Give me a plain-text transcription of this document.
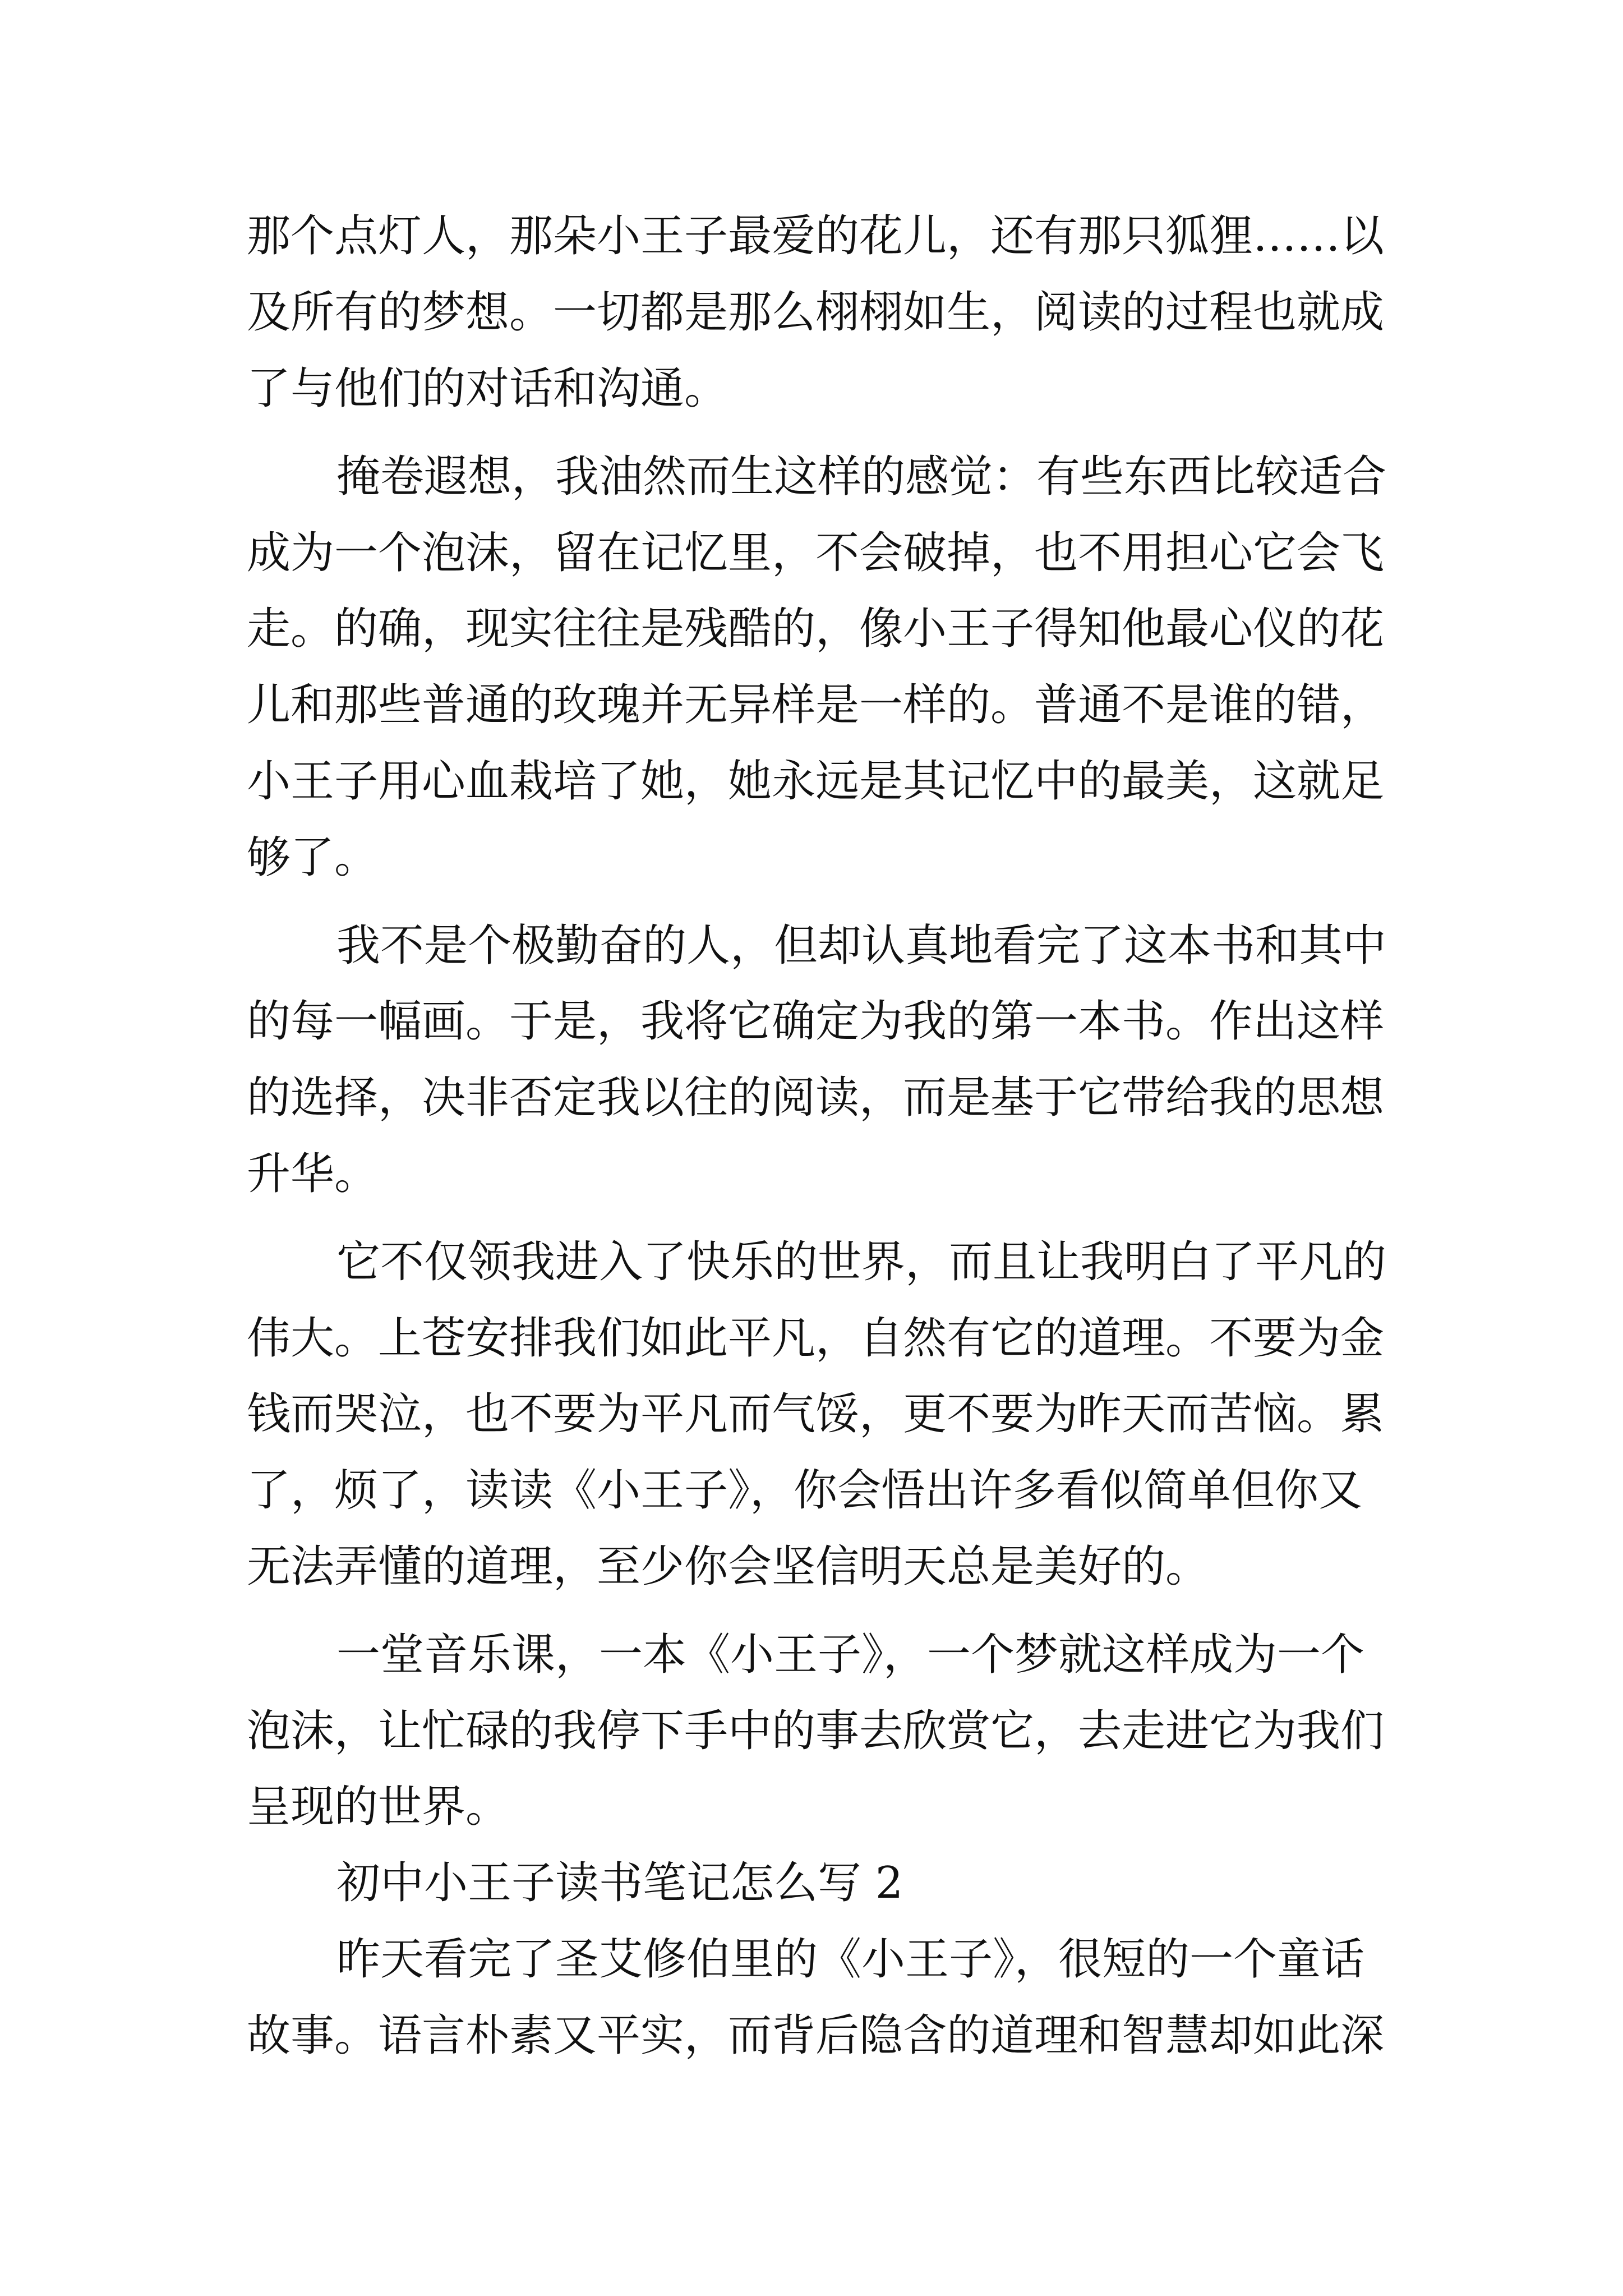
那个点灯人，那朵小王子最爱的花儿，还有那只狐狸……以

及所有的梦想。一切都是那么栩栩如生，阅读的过程也就成

了与他们的对话和沟通。

掩卷遐想，我油然而生这样的感觉：有些东西比较适合

成为一个泡沫，留在记忆里，不会破掉，也不用担心它会飞

走。的确，现实往往是残酷的，像小王子得知他最心仪的花

儿和那些普通的玫瑰并无异样是一样的。普通不是谁的错，

小王子用心血栽培了她，她永远是其记忆中的最美，这就足

够了。

我不是个极勤奋的人，但却认真地看完了这本书和其中

的每一幅画。于是，我将它确定为我的第一本书。作出这样

的选择，决非否定我以往的阅读，而是基于它带给我的思想

升华。

它不仅领我进入了快乐的世界，而且让我明白了平凡的

伟大。上苍安排我们如此平凡，自然有它的道理。不要为金

钱而哭泣，也不要为平凡而气馁，更不要为昨天而苦恼。累

了，烦了，读读《小王子》，你会悟出许多看似简单但你又

无法弄懂的道理，至少你会坚信明天总是美好的。

一堂音乐课，一本《小王子》，一个梦就这样成为一个

泡沫，让忙碌的我停下手中的事去欣赏它，去走进它为我们

呈现的世界。

初中小王子读书笔记怎么写 2

昨天看完了圣艾修伯里的《小王子》，很短的一个童话

故事。语言朴素又平实，而背后隐含的道理和智慧却如此深
